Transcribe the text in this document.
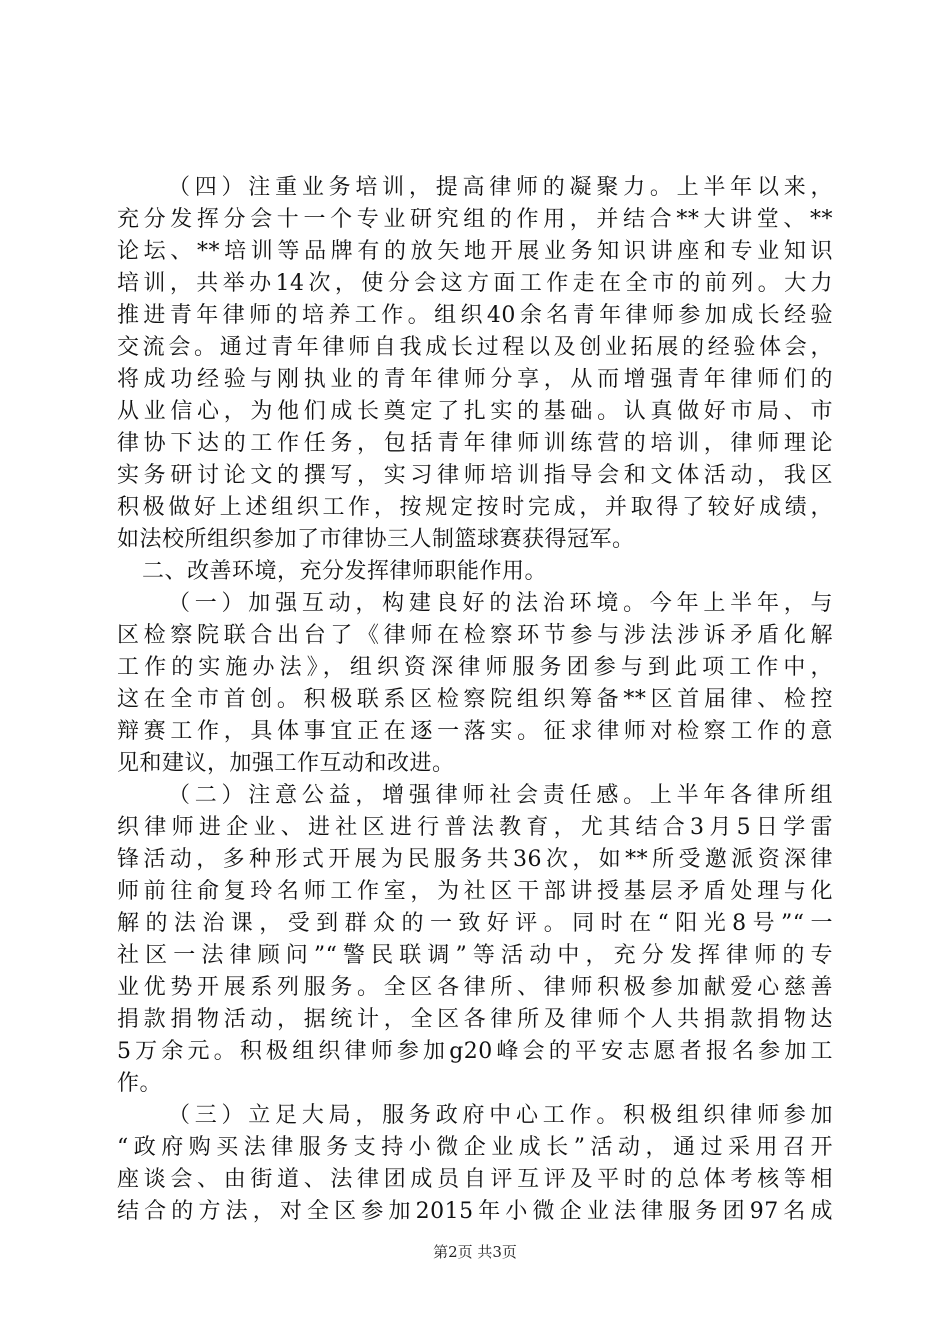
（四）注重业务培训，提高律师的凝聚力。上半年以来，
充分发挥分会十一个专业研究组的作用，并结合**大讲堂、**
论坛、**培训等品牌有的放矢地开展业务知识讲座和专业知识
培训，共举办14次，使分会这方面工作走在全市的前列。大力
推进青年律师的培养工作。组织40余名青年律师参加成长经验
交流会。通过青年律师自我成长过程以及创业拓展的经验体会，
将成功经验与刚执业的青年律师分享，从而增强青年律师们的
从业信心，为他们成长奠定了扎实的基础。认真做好市局、市
律协下达的工作任务，包括青年律师训练营的培训，律师理论
实务研讨论文的撰写，实习律师培训指导会和文体活动，我区
积极做好上述组织工作，按规定按时完成，并取得了较好成绩，
如法校所组织参加了市律协三人制篮球赛获得冠军。
二、改善环境，充分发挥律师职能作用。
（一）加强互动，构建良好的法治环境。今年上半年，与
区检察院联合出台了《律师在检察环节参与涉法涉诉矛盾化解
工作的实施办法》，组织资深律师服务团参与到此项工作中，
这在全市首创。积极联系区检察院组织筹备**区首届律、检控
辩赛工作，具体事宜正在逐一落实。征求律师对检察工作的意
见和建议，加强工作互动和改进。
（二）注意公益，增强律师社会责任感。上半年各律所组
织律师进企业、进社区进行普法教育，尤其结合3月5日学雷
锋活动，多种形式开展为民服务共36次，如**所受邀派资深律
师前往俞复玲名师工作室，为社区干部讲授基层矛盾处理与化
解的法治课，受到群众的一致好评。同时在“阳光8号”“一
社区一法律顾问”“警民联调”等活动中，充分发挥律师的专
业优势开展系列服务。全区各律所、律师积极参加献爱心慈善
捐款捐物活动，据统计，全区各律所及律师个人共捐款捐物达
5万余元。积极组织律师参加g20峰会的平安志愿者报名参加工
作。
（三）立足大局，服务政府中心工作。积极组织律师参加
“政府购买法律服务支持小微企业成长”活动，通过采用召开
座谈会、由街道、法律团成员自评互评及平时的总体考核等相
结合的方法，对全区参加2015年小微企业法律服务团97名成
第2页 共3页
